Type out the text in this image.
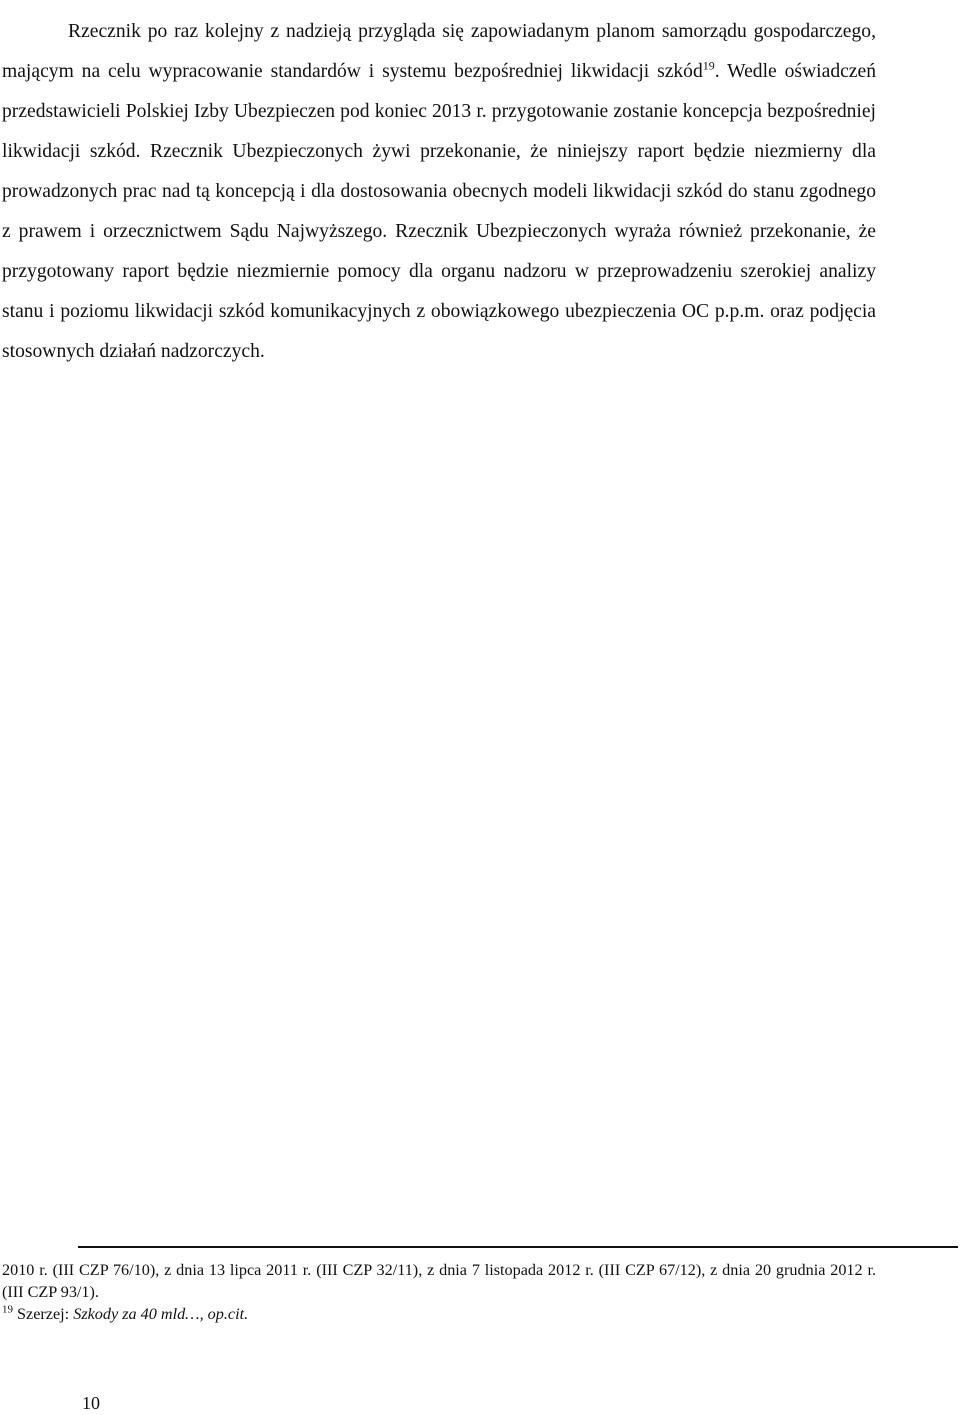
Rzecznik po raz kolejny z nadzieją przygląda się zapowiadanym planom samorządu gospodarczego, mającym na celu wypracowanie standardów i systemu bezpośredniej likwidacji szkód$^{19}$. Wedle oświadczeń przedstawicieli Polskiej Izby Ubezpieczen pod koniec 2013 r. przygotowanie zostanie koncepcja bezpośredniej likwidacji szkód. Rzecznik Ubezpieczonych żywi przekonanie, że niniejszy raport będzie niezmierny dla prowadzonych prac nad tą koncepcją i dla dostosowania obecnych modeli likwidacji szkód do stanu zgodnego z prawem i orzecznictwem Sądu Najwyższego. Rzecznik Ubezpieczonych wyraża również przekonanie, że przygotowany raport będzie niezmiernie pomocy dla organu nadzoru w przeprowadzeniu szerokiej analizy stanu i poziomu likwidacji szkód komunikacyjnych z obowiązkowego ubezpieczenia OC p.p.m. oraz podjęcia stosownych działań nadzorczych.

2010 r. (III CZP 76/10), z dnia 13 lipca 2011 r. (III CZP 32/11), z dnia 7 listopada 2012 r. (III CZP 67/12), z dnia 20 grudnia 2012 r. (III CZP 93/1).

$^{19}$ Szerzej: Szkody za 40 mld…, op.cit.

10
